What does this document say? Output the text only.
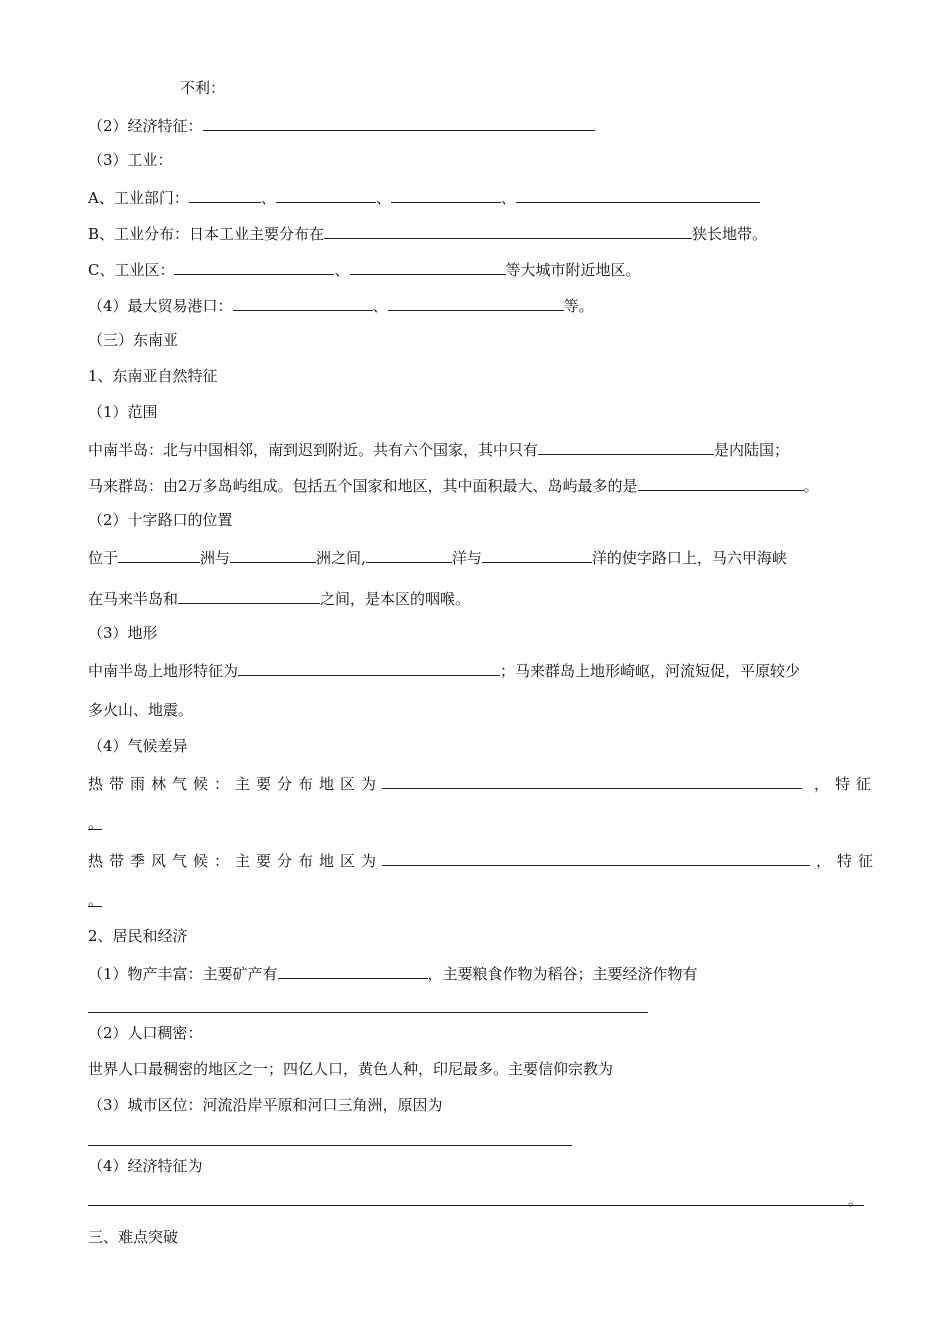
不利：
（2）经济特征：
（3）工业：
A、工业部门：	、	、	、
B、工业分布：日本工业主要分布在	狭长地带。
C、工业区：	、	等大城市附近地区。
（4）最大贸易港口：	、	等。
（三）东南亚
1、东南亚自然特征
（1）范围
中南半岛：北与中国相邻，南到迟到附近。共有六个国家，其中只有	是内陆国；
马来群岛：由2万多岛屿组成。包括五个国家和地区，其中面积最大、岛屿最多的是	。
（2）十字路口的位置
位于	洲与	洲之间,	洋与	洋的使字路口上，马六甲海峡
在马来半岛和	之间，是本区的咽喉。
（3）地形
中南半岛上地形特征为	；马来群岛上地形崎岖，河流短促，平原较少
多火山、地震。
（4）气候差异
热带雨林气候：主要分布地区为	，特征
。
热带季风气候：主要分布地区为	，特征
。
2、居民和经济
（1）物产丰富：主要矿产有	，主要粮食作物为稻谷；主要经济作物有
（2）人口稠密：
世界人口最稠密的地区之一；四亿人口，黄色人种，印尼最多。主要信仰宗教为
（3）城市区位：河流沿岸平原和河口三角洲，原因为
（4）经济特征为
。
三、难点突破
